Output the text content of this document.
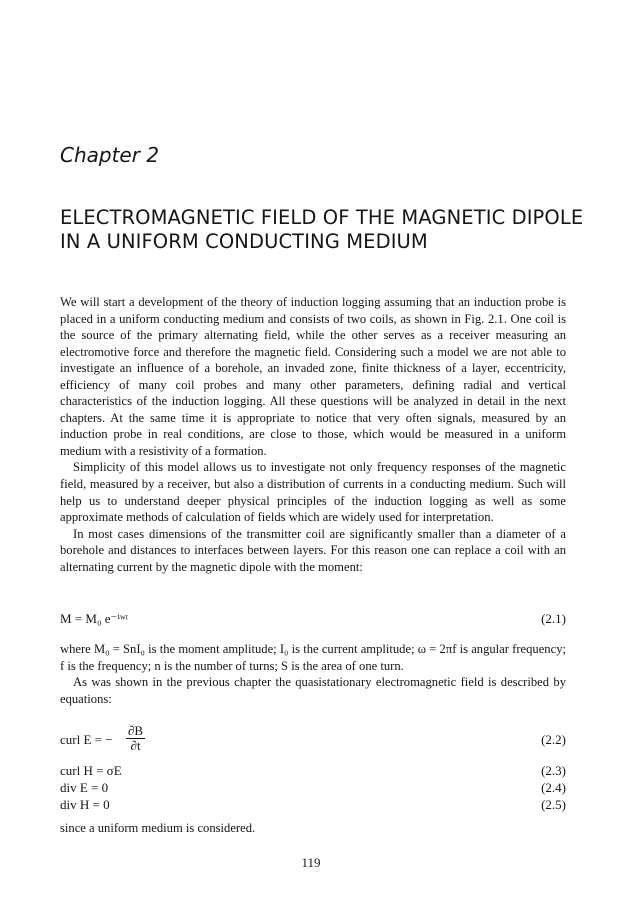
Chapter 2
ELECTROMAGNETIC FIELD OF THE MAGNETIC DIPOLE IN A UNIFORM CONDUCTING MEDIUM

We will start a development of the theory of induction logging assuming that an induction probe is placed in a uniform conducting medium and consists of two coils, as shown in Fig. 2.1. One coil is the source of the primary alternating field, while the other serves as a receiver measuring an electromotive force and therefore the magnetic field. Considering such a model we are not able to investigate an influence of a borehole, an invaded zone, finite thickness of a layer, eccentricity, efficiency of many coil probes and many other parameters, defining radial and vertical characteristics of the induction logging. All these questions will be analyzed in detail in the next chapters. At the same time it is appropriate to notice that very often signals, measured by an induction probe in real conditions, are close to those, which would be measured in a uniform medium with a resistivity of a formation.

Simplicity of this model allows us to investigate not only frequency responses of the magnetic field, measured by a receiver, but also a distribution of currents in a conducting medium. Such will help us to understand deeper physical principles of the induction logging as well as some approximate methods of calculation of fields which are widely used for interpretation.

In most cases dimensions of the transmitter coil are significantly smaller than a diameter of a borehole and distances to interfaces between layers. For this reason one can replace a coil with an alternating current by the magnetic dipole with the moment:

M = M₀ e⁻ⁱʷᵗ	(2.1)

where M₀ = SnI₀ is the moment amplitude; I₀ is the current amplitude; ω = 2πf is angular frequency; f is the frequency; n is the number of turns; S is the area of one turn.

As was shown in the previous chapter the quasistationary electromagnetic field is described by equations:

curl E = − $\frac{\partial B}{\partial t}$	(2.2)
curl H = σE	(2.3)
div E = 0	(2.4)
div H = 0	(2.5)

since a uniform medium is considered.

119
